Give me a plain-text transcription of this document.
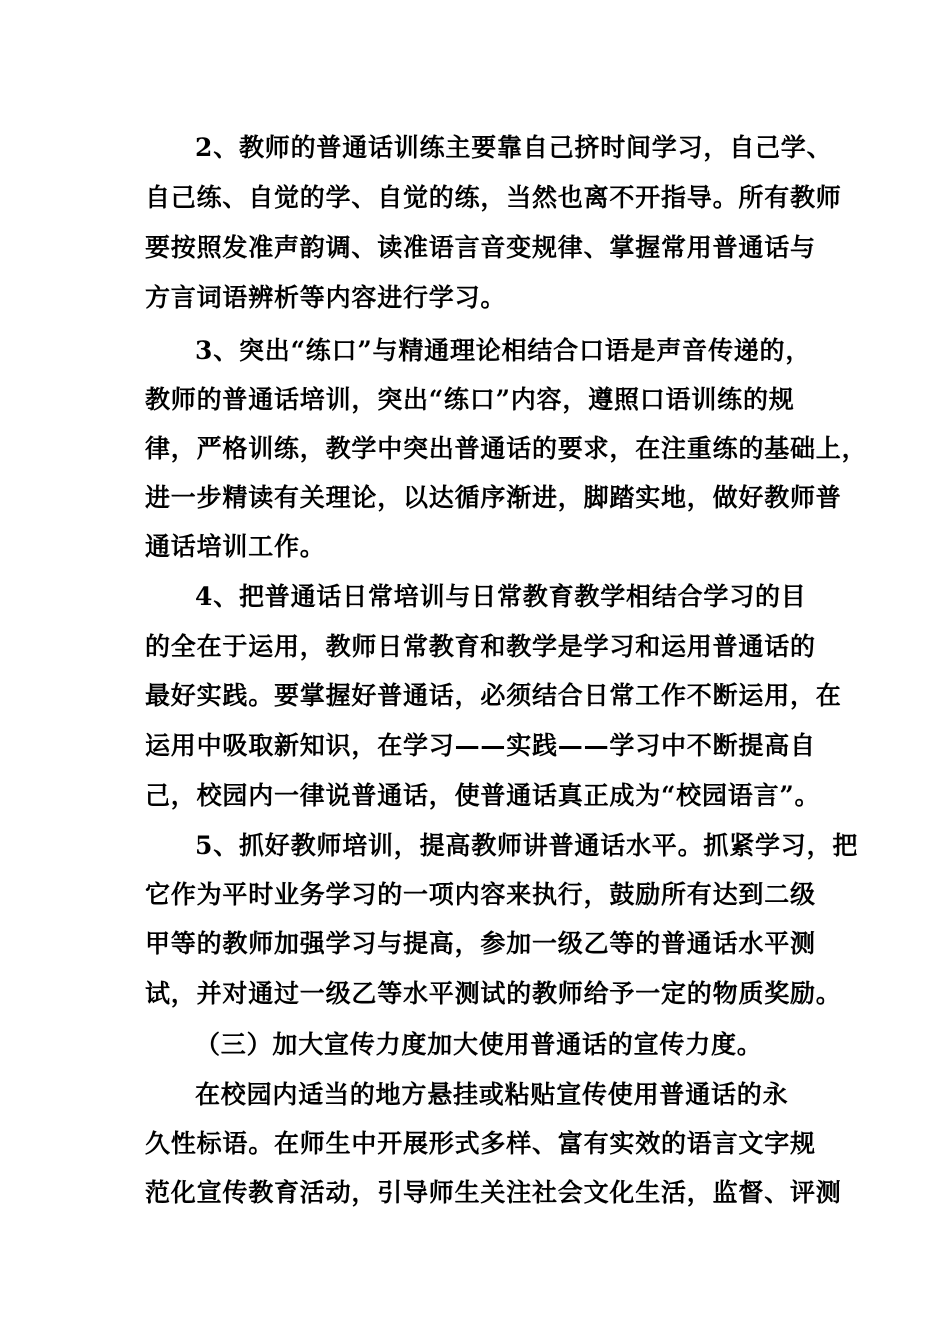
2、教师的普通话训练主要靠自己挤时间学习，自己学、
自己练、自觉的学、自觉的练，当然也离不开指导。所有教师
要按照发准声韵调、读准语言音变规律、掌握常用普通话与
方言词语辨析等内容进行学习。
3、突出“练口”与精通理论相结合口语是声音传递的，
教师的普通话培训，突出“练口”内容，遵照口语训练的规
律，严格训练，教学中突出普通话的要求，在注重练的基础上，
进一步精读有关理论，以达循序渐进，脚踏实地，做好教师普
通话培训工作。
4、把普通话日常培训与日常教育教学相结合学习的目
的全在于运用，教师日常教育和教学是学习和运用普通话的
最好实践。要掌握好普通话，必须结合日常工作不断运用，在
运用中吸取新知识，在学习——实践——学习中不断提高自
己，校园内一律说普通话，使普通话真正成为“校园语言”。
5、抓好教师培训，提高教师讲普通话水平。抓紧学习，把
它作为平时业务学习的一项内容来执行，鼓励所有达到二级
甲等的教师加强学习与提高，参加一级乙等的普通话水平测
试，并对通过一级乙等水平测试的教师给予一定的物质奖励。
（三）加大宣传力度加大使用普通话的宣传力度。
在校园内适当的地方悬挂或粘贴宣传使用普通话的永
久性标语。在师生中开展形式多样、富有实效的语言文字规
范化宣传教育活动，引导师生关注社会文化生活，监督、评测
